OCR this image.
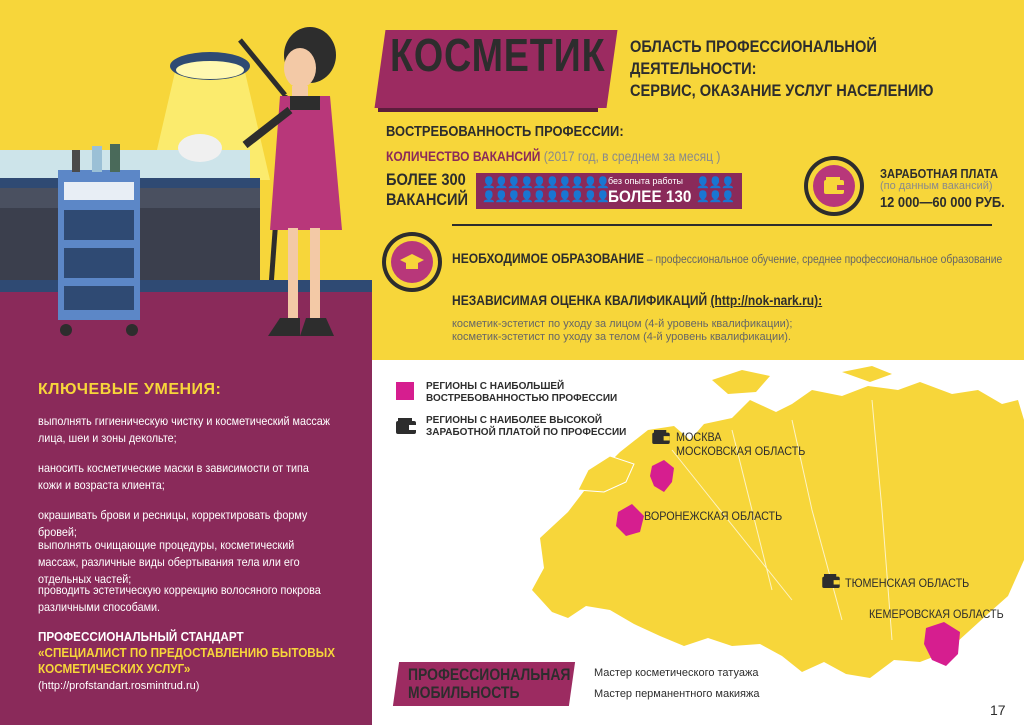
КОСМЕТИК ОБЛАСТЬ ПРОФЕССИОНАЛЬНОЙ ДЕЯТЕЛЬНОСТИ:
СЕРВИС, ОКАЗАНИЕ УСЛУГ НАСЕЛЕНИЮ
ВОСТРЕБОВАННОСТЬ ПРОФЕССИИ:
КОЛИЧЕСТВО ВАКАНСИЙ (2017 год, в среднем за месяц )
БОЛЕЕ 300
ВАКАНСИЙ
👤👤👤👤👤👤👤👤👤👤
👤👤👤👤👤👤👤👤👤👤
👤👤👤
👤👤👤
без опыта работы
БОЛЕЕ 130
ЗАРАБОТНАЯ ПЛАТА
(по данным вакансий)
12 000—60 000 РУБ.
НЕОБХОДИМОЕ ОБРАЗОВАНИЕ – профессиональное обучение, среднее профессиональное образование
НЕЗАВИСИМАЯ ОЦЕНКА КВАЛИФИКАЦИЙ (http://nok-nark.ru):
косметик-эстетист по уходу за лицом (4-й уровень квалификации);
косметик-эстетист по уходу за телом (4-й уровень квалификации).
КЛЮЧЕВЫЕ УМЕНИЯ:
выполнять гигиеническую чистку и косметический массаж лица, шеи и зоны декольте;
наносить косметические маски в зависимости от типа кожи и возраста клиента;
окрашивать брови и ресницы, корректировать форму бровей;
выполнять очищающие процедуры, косметический массаж, различные виды обертывания тела или его отдельных частей;
проводить эстетическую коррекцию волосяного покрова различными способами.
ПРОФЕССИОНАЛЬНЫЙ СТАНДАРТ
«СПЕЦИАЛИСТ ПО ПРЕДОСТАВЛЕНИЮ БЫТОВЫХ КОСМЕТИЧЕСКИХ УСЛУГ»
(http://profstandart.rosmintrud.ru)
РЕГИОНЫ С НАИБОЛЬШЕЙ
ВОСТРЕБОВАННОСТЬЮ ПРОФЕССИИ
РЕГИОНЫ С НАИБОЛЕЕ ВЫСОКОЙ
ЗАРАБОТНОЙ ПЛАТОЙ ПО ПРОФЕССИИ	МОСКВА
МОСКОВСКАЯ ОБЛАСТЬ
ВОРОНЕЖСКАЯ ОБЛАСТЬ
ТЮМЕНСКАЯ ОБЛАСТЬ
КЕМЕРОВСКАЯ ОБЛАСТЬ
ПРОФЕССИОНАЛЬНАЯ
МОБИЛЬНОСТЬ
Мастер косметического татуажа
Мастер перманентного макияжа
17
